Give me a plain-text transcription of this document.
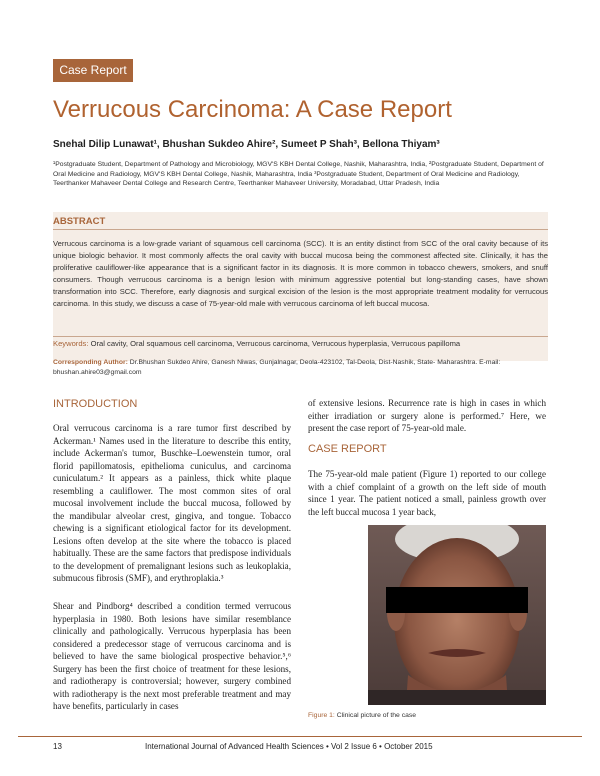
Case Report
Verrucous Carcinoma: A Case Report
Snehal Dilip Lunawat¹, Bhushan Sukdeo Ahire², Sumeet P Shah³, Bellona Thiyam³
¹Postgraduate Student, Department of Pathology and Microbiology, MGV'S KBH Dental College, Nashik, Maharashtra, India, ²Postgraduate Student, Department of Oral Medicine and Radiology, MGV'S KBH Dental College, Nashik, Maharashtra, India ³Postgraduate Student, Department of Oral Medicine and Radiology, Teerthanker Mahaveer Dental College and Research Centre, Teerthanker Mahaveer University, Moradabad, Uttar Pradesh, India
ABSTRACT
Verrucous carcinoma is a low-grade variant of squamous cell carcinoma (SCC). It is an entity distinct from SCC of the oral cavity because of its unique biologic behavior. It most commonly affects the oral cavity with buccal mucosa being the commonest affected site. Clinically, it has the proliferative cauliflower-like appearance that is a significant factor in its diagnosis. It is more common in tobacco chewers, smokers, and snuff consumers. Though verrucous carcinoma is a benign lesion with minimum aggressive potential but long-standing cases, have shown transformation into SCC. Therefore, early diagnosis and surgical excision of the lesion is the most appropriate treatment modality for verrucous carcinoma. In this study, we discuss a case of 75-year-old male with verrucous carcinoma of left buccal mucosa.
Keywords: Oral cavity, Oral squamous cell carcinoma, Verrucous carcinoma, Verrucous hyperplasia, Verrucous papilloma
Corresponding Author: Dr.Bhushan Sukdeo Ahire, Ganesh Niwas, Gunjalnagar, Deola-423102, Tal-Deola, Dist-Nashik, State- Maharashtra. E-mail: bhushan.ahire03@gmail.com
INTRODUCTION
Oral verrucous carcinoma is a rare tumor first described by Ackerman.¹ Names used in the literature to describe this entity, include Ackerman's tumor, Buschke–Loewenstein tumor, oral florid papillomatosis, epithelioma cuniculus, and carcinoma cuniculatum.² It appears as a painless, thick white plaque resembling a cauliflower. The most common sites of oral mucosal involvement include the buccal mucosa, followed by the mandibular alveolar crest, gingiva, and tongue. Tobacco chewing is a significant etiological factor for its development. Lesions often develop at the site where the tobacco is placed habitually. These are the same factors that predispose individuals to the development of premalignant lesions such as leukoplakia, submucous fibrosis (SMF), and erythroplakia.³
Shear and Pindborg⁴ described a condition termed verrucous hyperplasia in 1980. Both lesions have similar resemblance clinically and pathologically. Verrucous hyperplasia has been considered a predecessor stage of verrucous carcinoma and is believed to have the same biological prospective behavior.⁵,⁶ Surgery has been the first choice of treatment for these lesions, and radiotherapy is controversial; however, surgery combined with radiotherapy is the next most preferable treatment and may have benefits, particularly in cases
of extensive lesions. Recurrence rate is high in cases in which either irradiation or surgery alone is performed.⁷ Here, we present the case report of 75-year-old male.
CASE REPORT
The 75-year-old male patient (Figure 1) reported to our college with a chief complaint of a growth on the left side of mouth since 1 year. The patient noticed a small, painless growth over the left buccal mucosa 1 year back,
Figure 1: Clinical picture of the case
13	International Journal of Advanced Health Sciences • Vol 2 Issue 6 • October 2015
